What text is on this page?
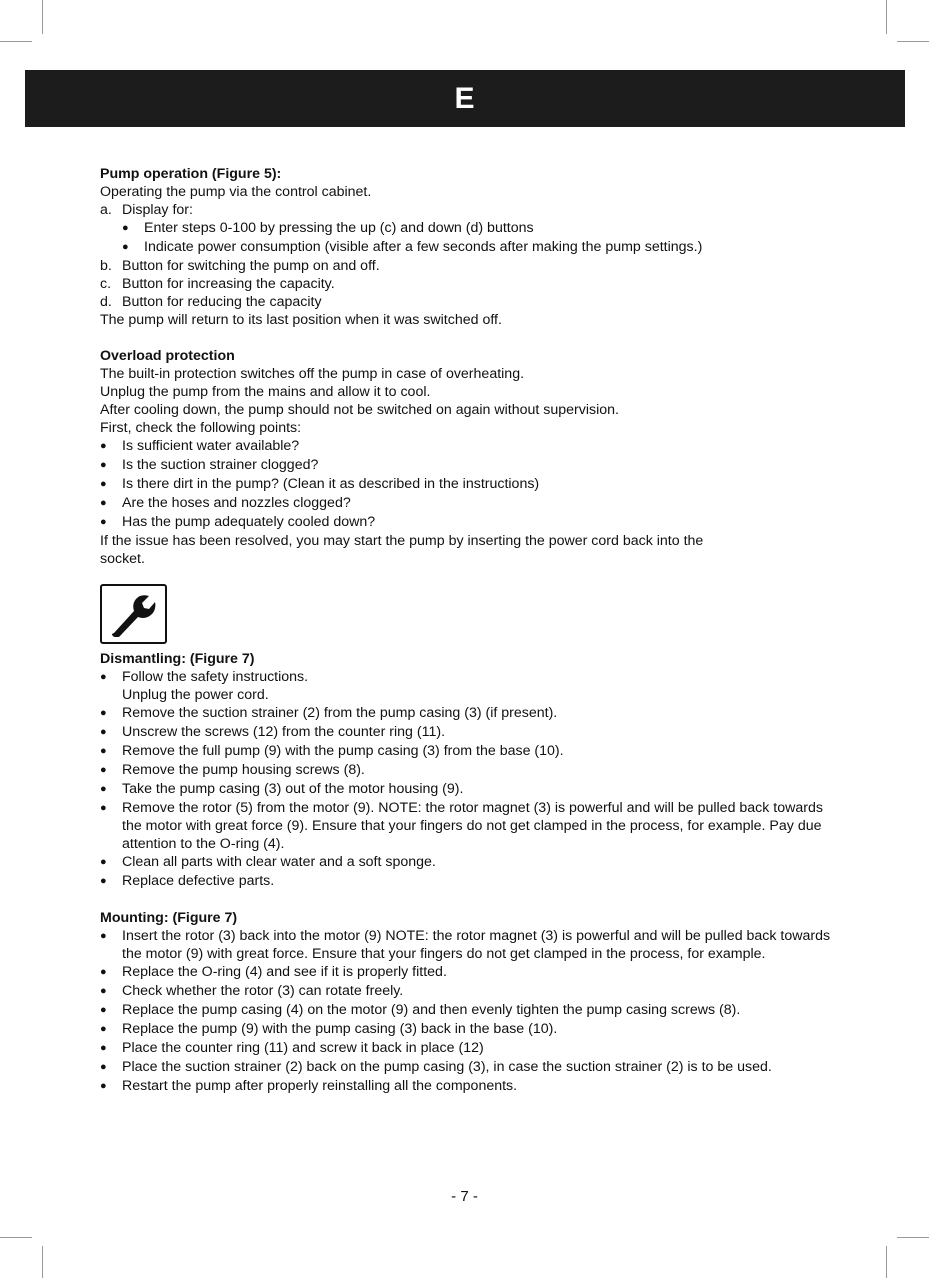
E
Pump operation (Figure 5):
Operating the pump via the control cabinet.
a. Display for:
●	Enter steps 0-100 by pressing the up (c) and down (d) buttons
●	Indicate power consumption (visible after a few seconds after making the pump settings.)
b. Button for switching the pump on and off.
c. Button for increasing the capacity.
d. Button for reducing the capacity
The pump will return to its last position when it was switched off.
Overload protection
The built-in protection switches off the pump in case of overheating.
Unplug the pump from the mains and allow it to cool.
After cooling down, the pump should not be switched on again without supervision.
First, check the following points:
●	Is sufficient water available?
●	Is the suction strainer clogged?
●	Is there dirt in the pump? (Clean it as described in the instructions)
●	Are the hoses and nozzles clogged?
●	Has the pump adequately cooled down?
If the issue has been resolved, you may start the pump by inserting the power cord back into the
socket.
Dismantling: (Figure 7)
●	Follow the safety instructions.
Unplug the power cord.
●	Remove the suction strainer (2) from the pump casing (3) (if present).
●	Unscrew the screws (12) from the counter ring (11).
●	Remove the full pump (9) with the pump casing (3) from the base (10).
●	Remove the pump housing screws (8).
●	Take the pump casing (3) out of the motor housing (9).
●	Remove the rotor (5) from the motor (9). NOTE: the rotor magnet (3) is powerful and will be pulled back towards the motor with great force (9). Ensure that your fingers do not get clamped in the process, for example. Pay due attention to the O-ring (4).
●	Clean all parts with clear water and a soft sponge.
●	Replace defective parts.
Mounting: (Figure 7)
●	Insert the rotor (3) back into the motor (9) NOTE: the rotor magnet (3) is powerful and will be pulled back towards the motor (9) with great force. Ensure that your fingers do not get clamped in the process, for example.
●	Replace the O-ring (4) and see if it is properly fitted.
●	Check whether the rotor (3) can rotate freely.
●	Replace the pump casing (4) on the motor (9) and then evenly tighten the pump casing screws (8).
●	Replace the pump (9) with the pump casing (3) back in the base (10).
●	Place the counter ring (11) and screw it back in place (12)
●	Place the suction strainer (2) back on the pump casing (3), in case the suction strainer (2) is to be used.
●	Restart the pump after properly reinstalling all the components.
- 7 -
